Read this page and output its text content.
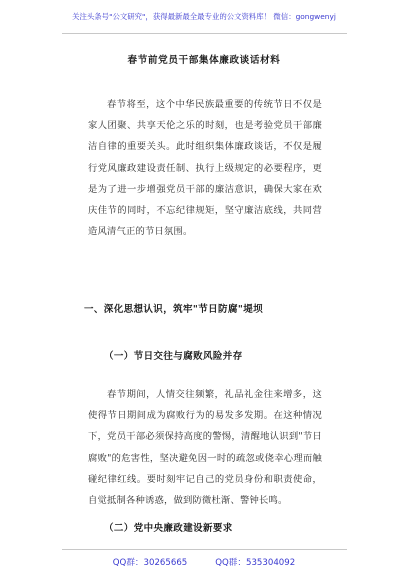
关注头条号"公文研究"，获得最新最全最专业的公文资料库！ 微信：gongwenyj
春节前党员干部集体廉政谈话材料
春节将至，这个中华民族最重要的传统节日不仅是家人团聚、共享天伦之乐的时刻，也是考验党员干部廉洁自律的重要关头。此时组织集体廉政谈话，不仅是履行党风廉政建设责任制、执行上级规定的必要程序，更是为了进一步增强党员干部的廉洁意识，确保大家在欢庆佳节的同时，不忘纪律规矩，坚守廉洁底线，共同营造风清气正的节日氛围。
一、深化思想认识，筑牢"节日防腐"堤坝
（一）节日交往与腐败风险并存
春节期间，人情交往频繁，礼品礼金往来增多，这使得节日期间成为腐败行为的易发多发期。在这种情况下，党员干部必须保持高度的警惕，清醒地认识到"节日腐败"的危害性，坚决避免因一时的疏忽或侥幸心理而触碰纪律红线。要时刻牢记自己的党员身份和职责使命，自觉抵制各种诱惑，做到防微杜渐、警钟长鸣。
（二）党中央廉政建设新要求
QQ群：30265665	QQ群：535304092
